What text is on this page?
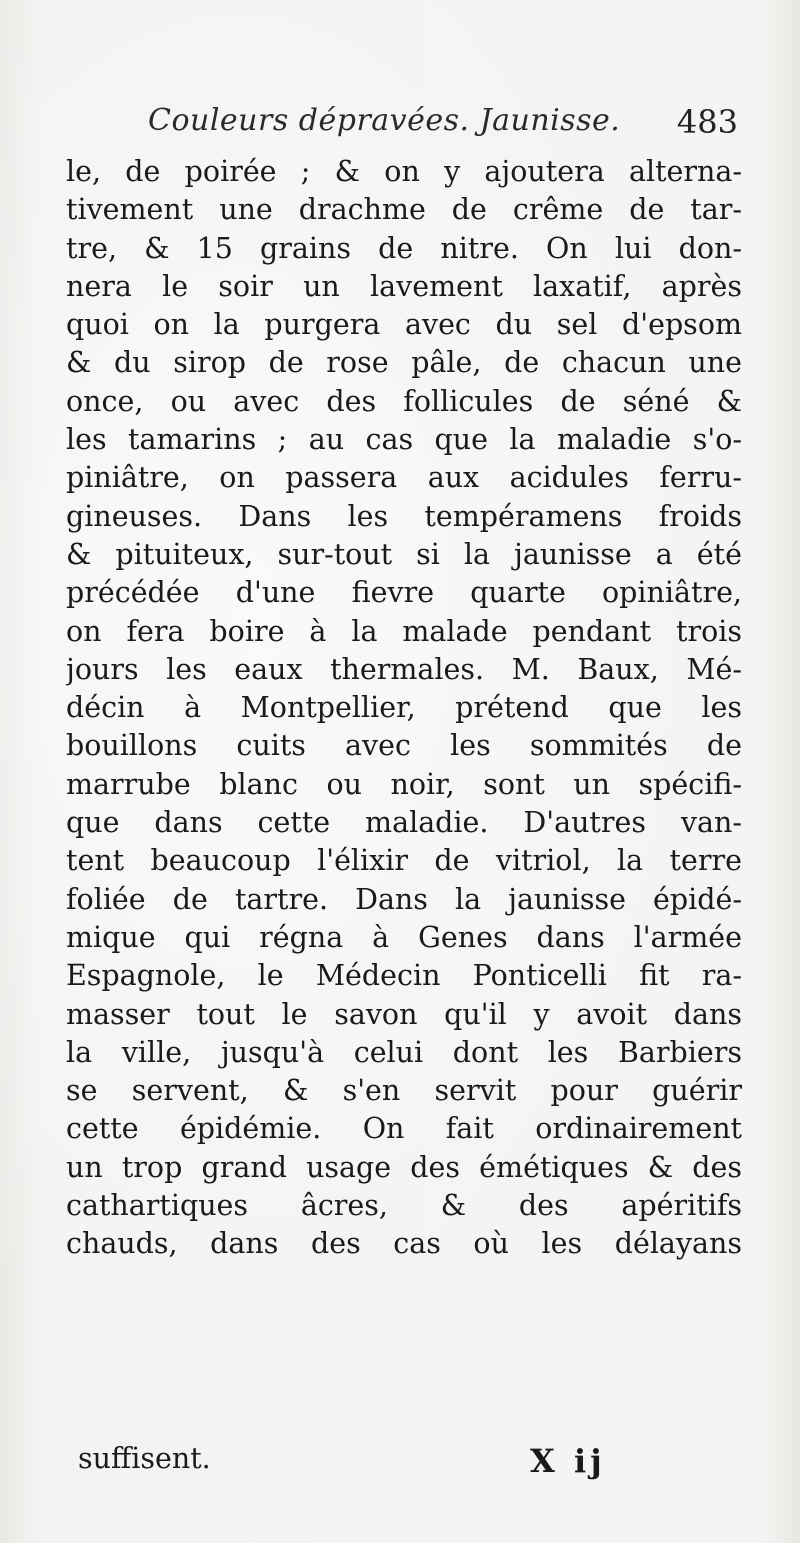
Couleurs dépravées. Jaunisse. 483
le, de poirée ; & on y ajoutera alterna-
tivement une drachme de crême de tar-
tre, & 15 grains de nitre. On lui don-
nera le soir un lavement laxatif, après
quoi on la purgera avec du sel d'epsom
& du sirop de rose pâle, de chacun une
once, ou avec des follicules de séné &
les tamarins ; au cas que la maladie s'o-
piniâtre, on passera aux acidules ferru-
gineuses. Dans les tempéramens froids
& pituiteux, sur-tout si la jaunisse a été
précédée d'une fievre quarte opiniâtre,
on fera boire à la malade pendant trois
jours les eaux thermales. M. Baux, Mé-
décin à Montpellier, prétend que les
bouillons cuits avec les sommités de
marrube blanc ou noir, sont un spécifi-
que dans cette maladie. D'autres van-
tent beaucoup l'élixir de vitriol, la terre
foliée de tartre. Dans la jaunisse épidé-
mique qui régna à Genes dans l'armée
Espagnole, le Médecin Ponticelli fit ra-
masser tout le savon qu'il y avoit dans
la ville, jusqu'à celui dont les Barbiers
se servent, & s'en servit pour guérir
cette épidémie. On fait ordinairement
un trop grand usage des émétiques & des
cathartiques âcres, & des apéritifs
chauds, dans des cas où les délayans
suffisent.	X ij
